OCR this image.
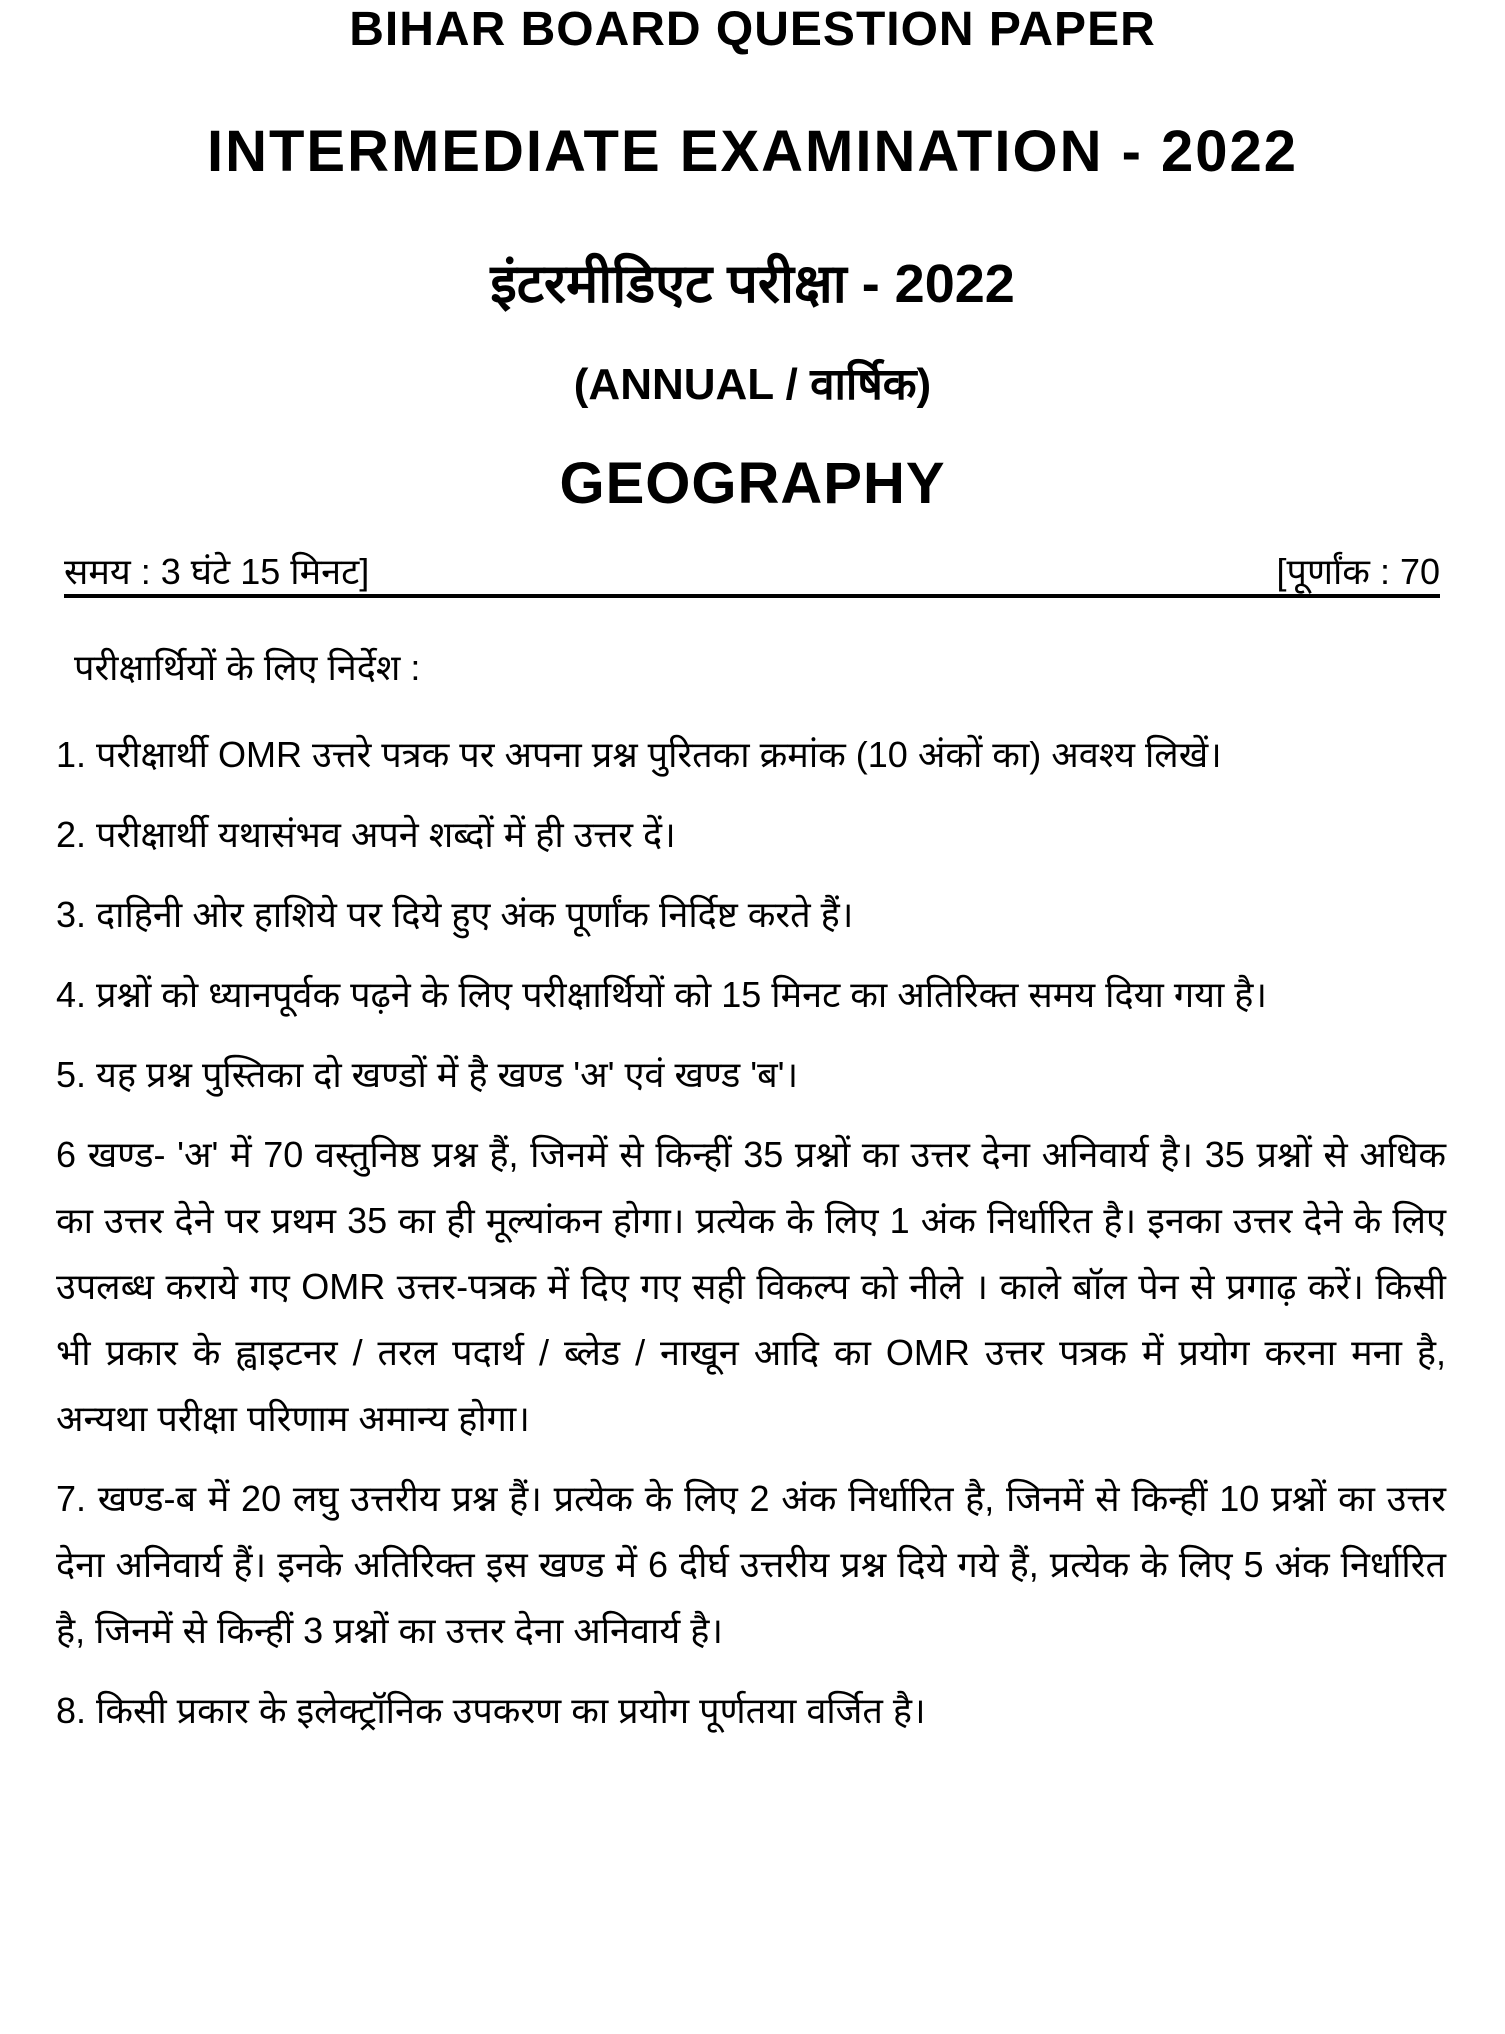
BIHAR BOARD QUESTION PAPER
INTERMEDIATE EXAMINATION - 2022
इंटरमीडिएट परीक्षा - 2022
(ANNUAL / वार्षिक)
GEOGRAPHY
समय : 3 घंटे 15 मिनट]	[पूर्णांक : 70
परीक्षार्थियों के लिए निर्देश :

1. परीक्षार्थी OMR उत्तरे पत्रक पर अपना प्रश्न पुरितका क्रमांक (10 अंकों का) अवश्य लिखें।

2. परीक्षार्थी यथासंभव अपने शब्दों में ही उत्तर दें।

3. दाहिनी ओर हाशिये पर दिये हुए अंक पूर्णांक निर्दिष्ट करते हैं।

4. प्रश्नों को ध्यानपूर्वक पढ़ने के लिए परीक्षार्थियों को 15 मिनट का अतिरिक्त समय दिया गया है।

5. यह प्रश्न पुस्तिका दो खण्डों में है खण्ड 'अ' एवं खण्ड 'ब'।

6 खण्ड- 'अ' में 70 वस्तुनिष्ठ प्रश्न हैं, जिनमें से किन्हीं 35 प्रश्नों का उत्तर देना अनिवार्य है। 35 प्रश्नों से अधिक का उत्तर देने पर प्रथम 35 का ही मूल्यांकन होगा। प्रत्येक के लिए 1 अंक निर्धारित है। इनका उत्तर देने के लिए उपलब्ध कराये गए OMR उत्तर-पत्रक में दिए गए सही विकल्प को नीले । काले बॉल पेन से प्रगाढ़ करें। किसी भी प्रकार के ह्वाइटनर / तरल पदार्थ / ब्लेड / नाखून आदि का OMR उत्तर पत्रक में प्रयोग करना मना है, अन्यथा परीक्षा परिणाम अमान्य होगा।

7. खण्ड-ब में 20 लघु उत्तरीय प्रश्न हैं। प्रत्येक के लिए 2 अंक निर्धारित है, जिनमें से किन्हीं 10 प्रश्नों का उत्तर देना अनिवार्य हैं। इनके अतिरिक्त इस खण्ड में 6 दीर्घ उत्तरीय प्रश्न दिये गये हैं, प्रत्येक के लिए 5 अंक निर्धारित है, जिनमें से किन्हीं 3 प्रश्नों का उत्तर देना अनिवार्य है।

8. किसी प्रकार के इलेक्ट्रॉनिक उपकरण का प्रयोग पूर्णतया वर्जित है।
